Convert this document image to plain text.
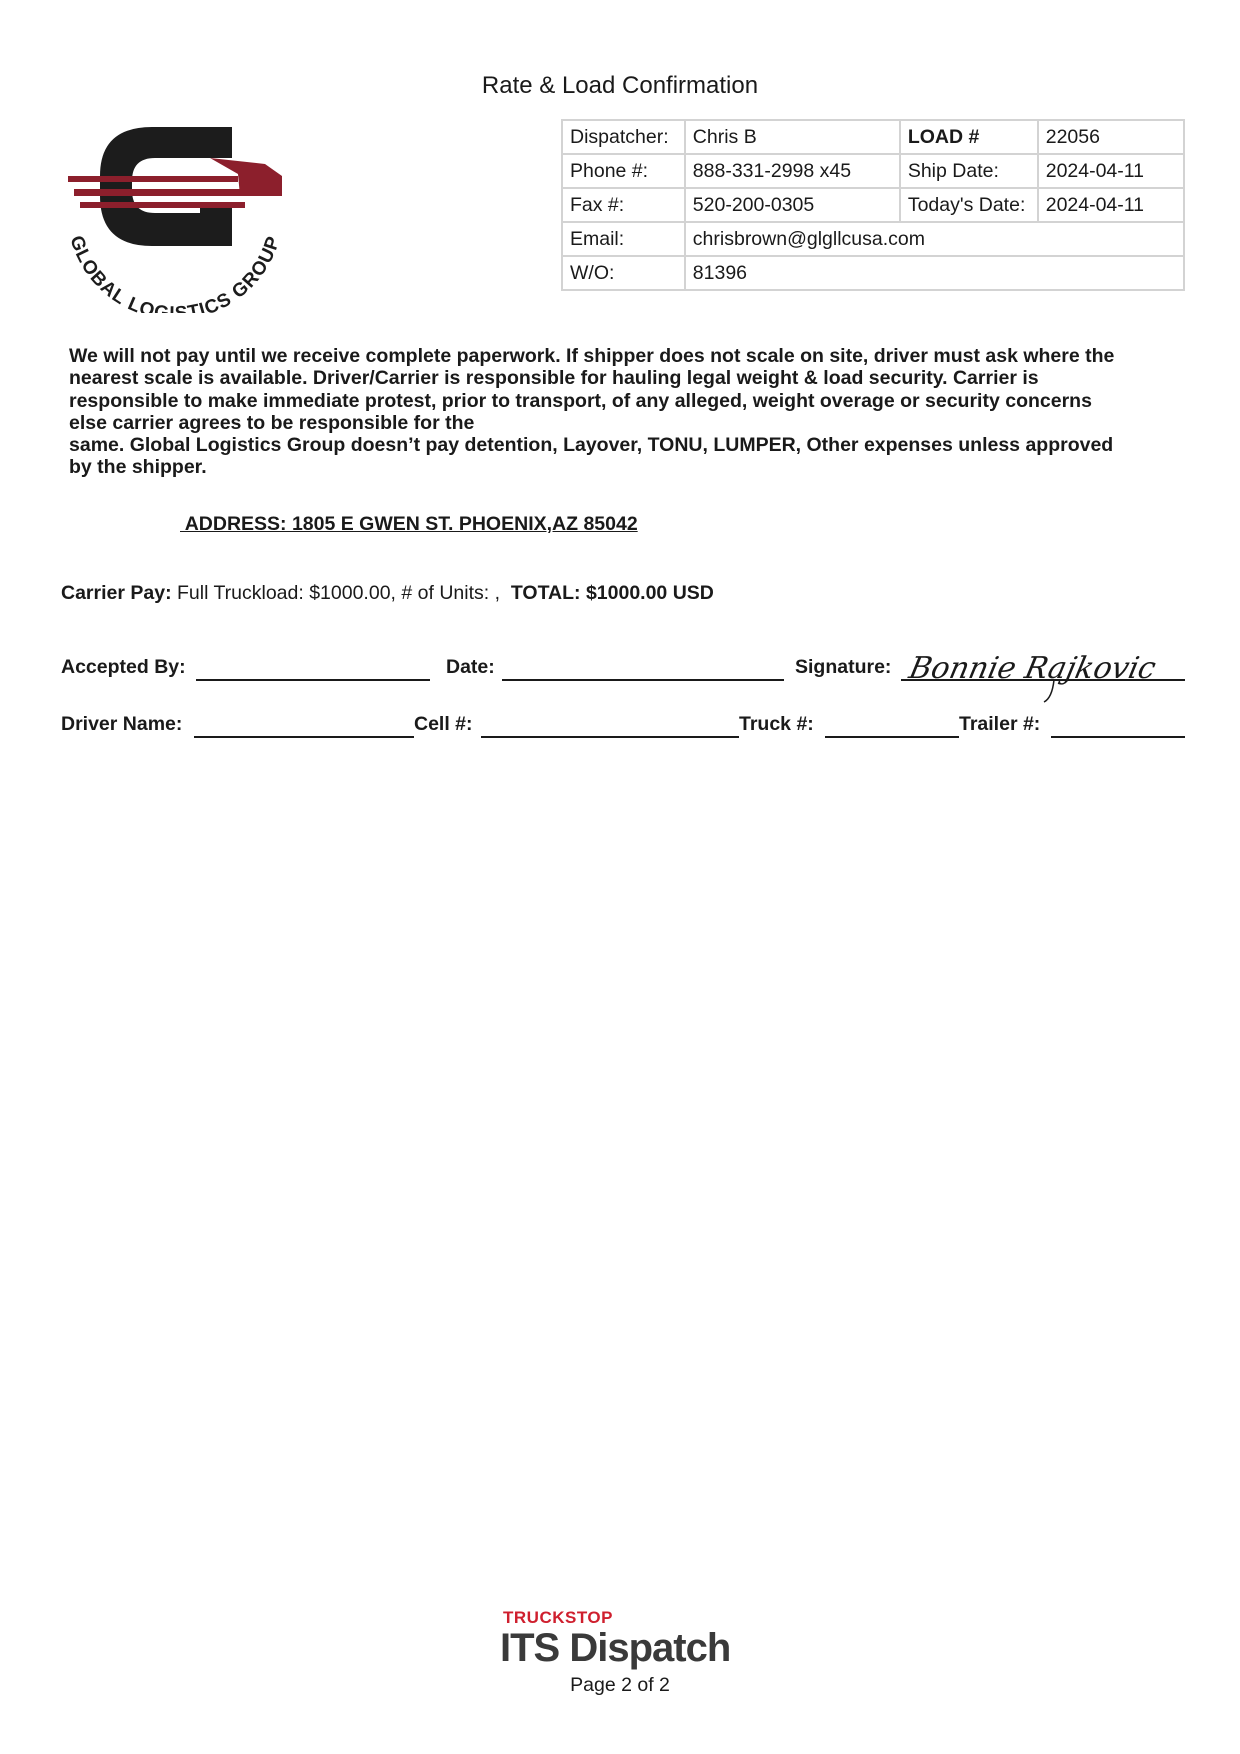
Rate & Load Confirmation
GLOBAL LO TICS GROUP
Dispatcher:	Chris B	LOAD #	22056
Phone #:	888-331-2998 x45	Ship Date:	2024-04-11
Fax #:	520-200-0305	Today's Date:	2024-04-11
Email:	chrisbrown@glgllcusa.com		
W/O:	81396		
We will not pay until we receive complete paperwork. If shipper does not scale on site, driver must ask where the
nearest scale is available. Driver/Carrier is responsible for hauling legal weight & load security. Carrier is
responsible to make immediate protest, prior to transport, of any alleged, weight overage or security concerns
else carrier agrees to be responsible for the
same. Global Logistics Group doesn’t pay detention, Layover, TONU, LUMPER, Other expenses unless approved
by the shipper.
ADDRESS: 1805 E GWEN ST. PHOENIX,AZ 85042
Carrier Pay: Full Truckload: $1000.00, # of Units: ,  TOTAL: $1000.00 USD
Accepted By:	Date:	Signature: Bonnie Rajkovic
Driver Name:	Cell #:	Truck #:	Trailer #:
TRUCKSTOP
ITS Dispatch
Page 2 of 2
